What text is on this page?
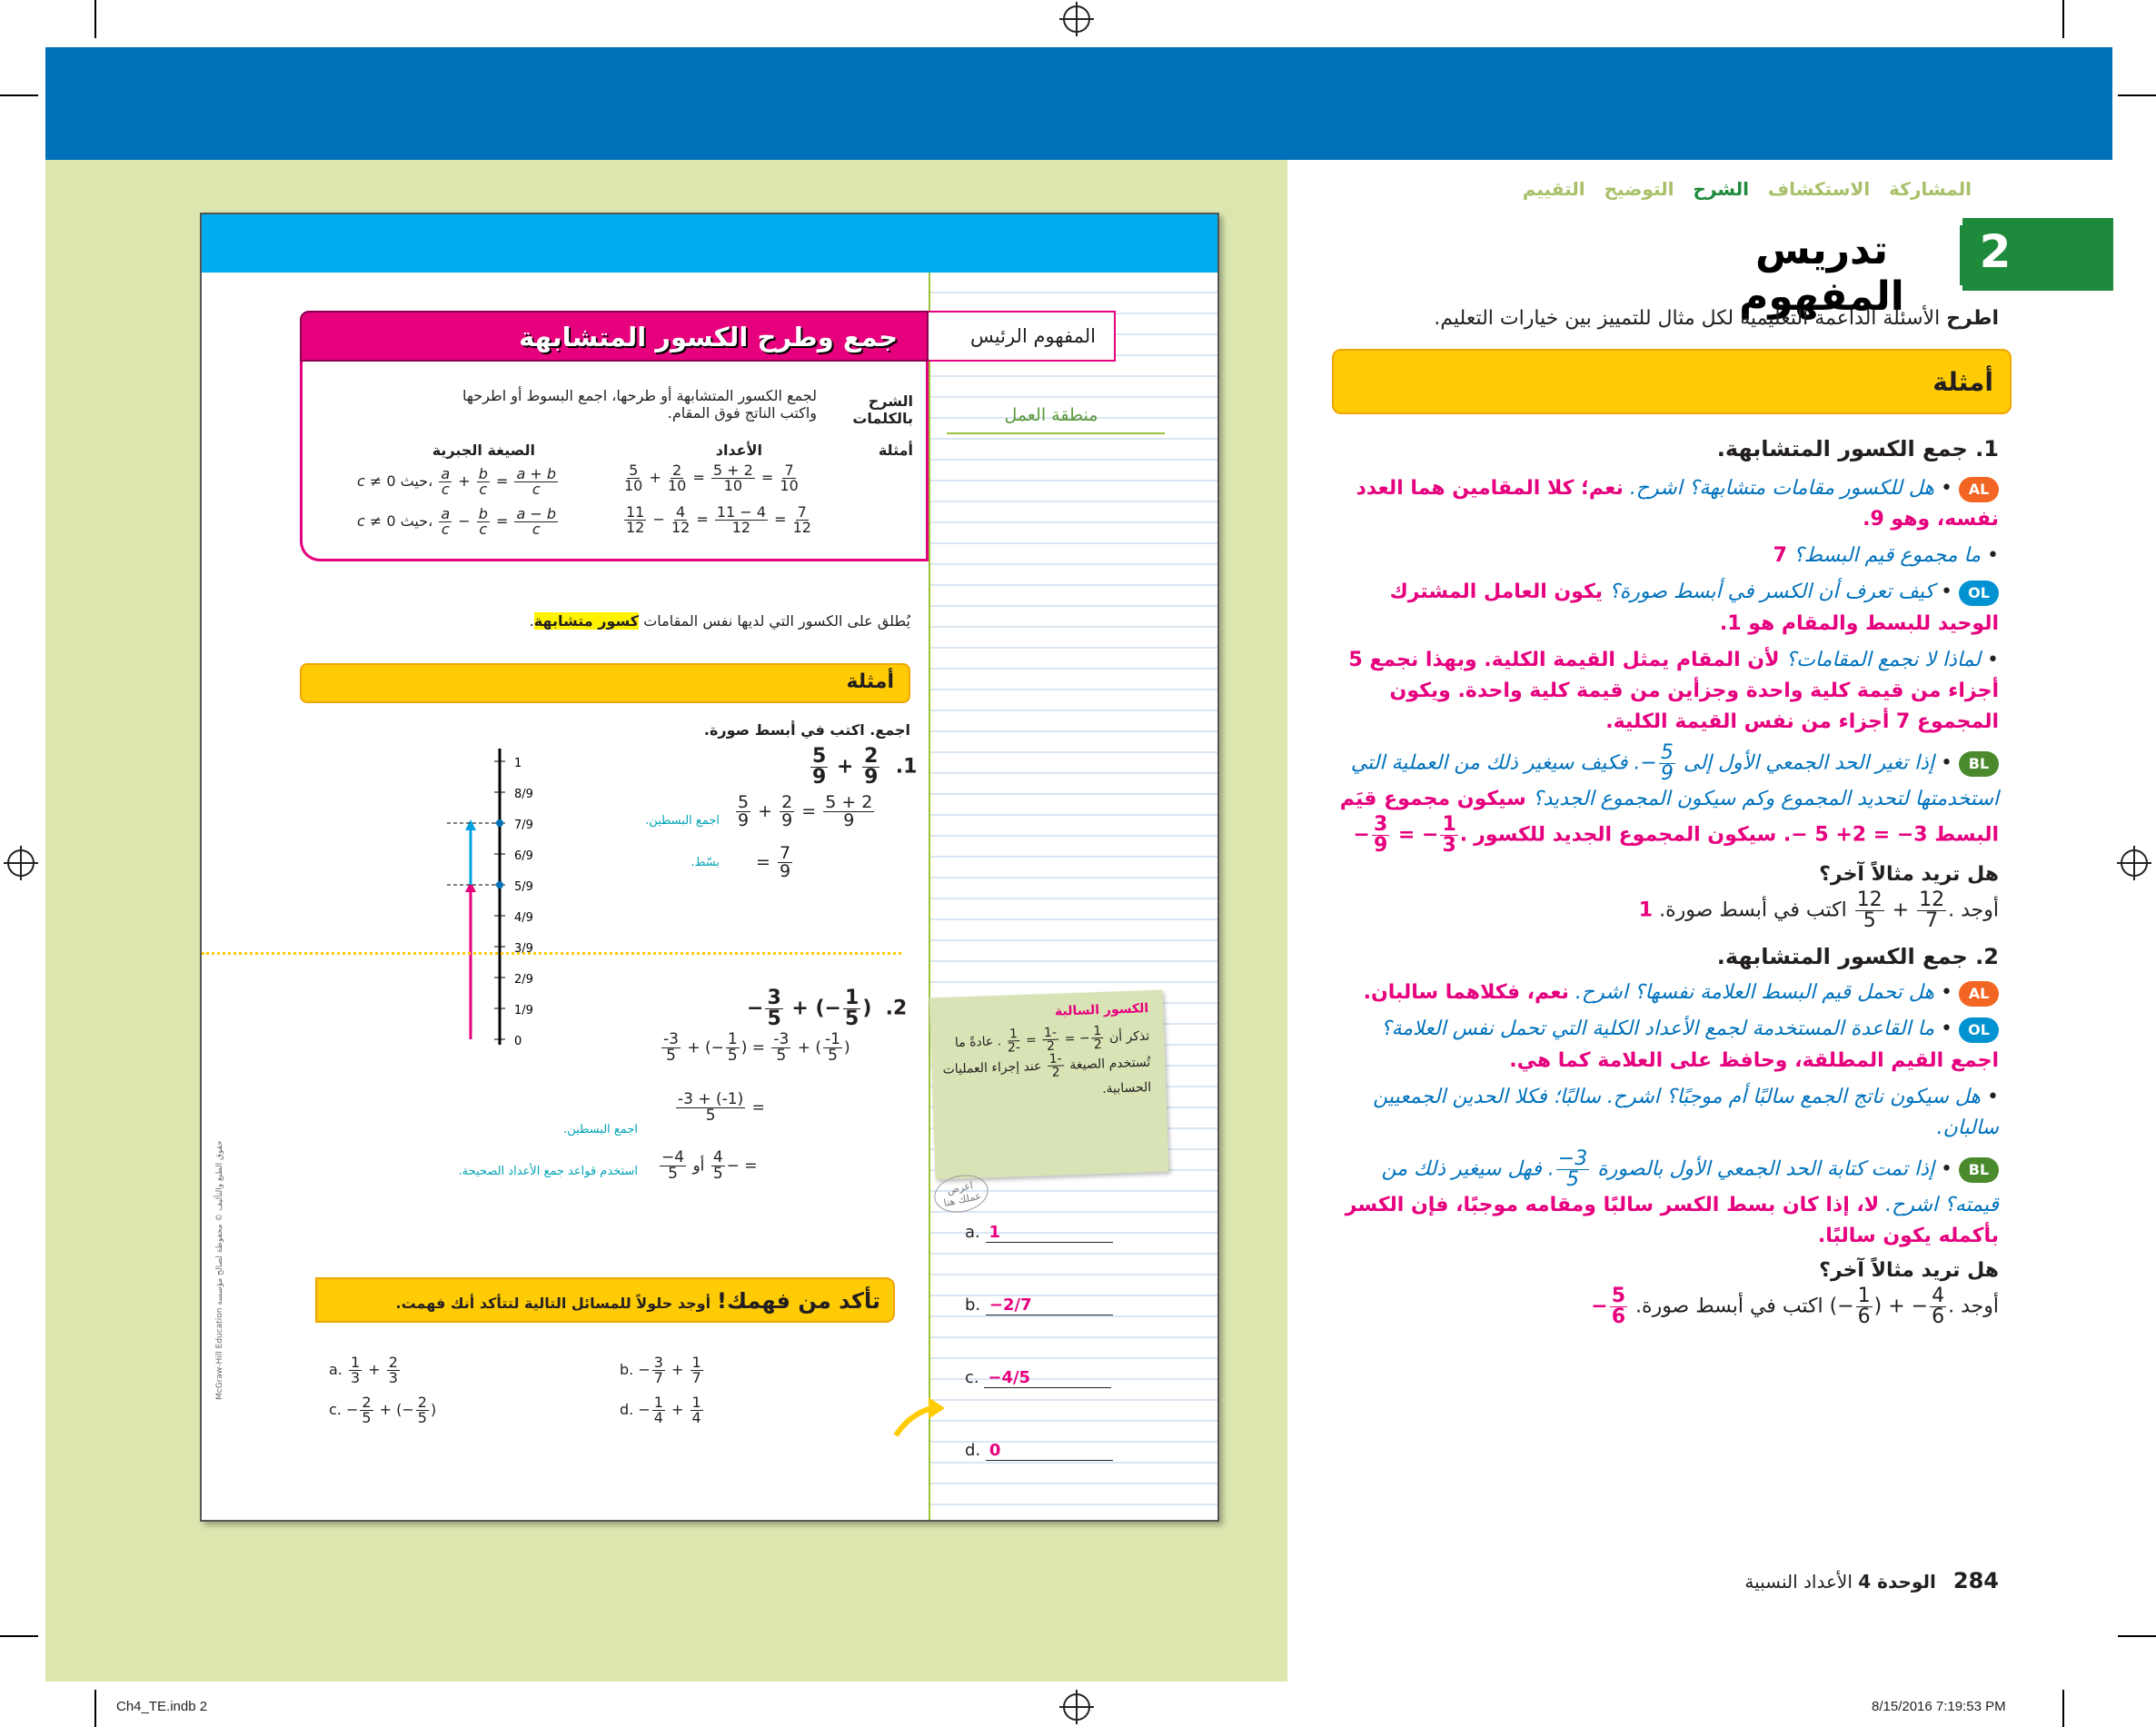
منطقة العمل
المفهوم الرئيس
جمع وطرح الكسور المتشابهة
الشرح بالكلمات
لجمع الكسور المتشابهة أو طرحها، اجمع البسوط أو اطرحها واكتب الناتج فوق المقام.
أمثلة
الأعداد
الصيغة الجبرية
$\frac{5}{10} + \frac{2}{10} = \frac{5 + 2}{10} = \frac{7}{10}$
$\frac{11}{12} - \frac{4}{12} = \frac{11 - 4}{12} = \frac{7}{12}$
c ≠ 0 حيث، $\frac{a}{c} + \frac{b}{c} = \frac{a + b}{c}$
c ≠ 0 حيث، $\frac{a}{c} - \frac{b}{c} = \frac{a - b}{c}$
يُطلق على الكسور التي لديها نفس المقامات كسور متشابهة.
أمثلة
اجمع. اكتب في أبسط صورة.
$\frac{5}{9} + \frac{2}{9} .1$
$\frac{5}{9} + \frac{2}{9} = \frac{5 + 2}{9}$
= $\frac{7}{9}$
اجمع البسطين.
بسّط.
1
8/9
7/9
6/9
5/9
4/9
3/9
2/9
1/9
0
− $\frac{3}{5}$ + (− $\frac{1}{5}$ )  .2
$\frac{-3}{5}$ + (− $\frac{1}{5}$ ) = $\frac{-3}{5}$ + ( $\frac{-1}{5}$ )
$\frac{-3 + (-1)}{5}$ =
$\frac{-4}{5}$ أو $\frac{4}{5}$ − =
اجمع البسطين.
استخدم قواعد جمع الأعداد الصحيحة.
الكسور السالبة
تذكر أن
$\frac{1}{2}$
− =
$\frac{-1}{2}$
=
$\frac{1}{-2}$
. عادةً ما تُستخدم الصيغة
$\frac{-1}{2}$
عند إجراء العمليات الحسابية.
اعرض عملك هنا
تأكد من فهمك! أوجد حلولاً للمسائل التالية لتتأكد أنك فهمت.
a. $\frac{1}{3} + \frac{2}{3}$	b. − $\frac{3}{7} + \frac{1}{7}$
c. − $\frac{2}{5}$ + (− $\frac{2}{5}$ )	d. − $\frac{1}{4} + \frac{1}{4}$
a. 1
b. −2/7
c. −4/5
d. 0
McGraw-Hill Education حقوق الطبع والتأليف © محفوظة لصالح مؤسسة
المشاركة   الاستكشاف   الشرح   التوضيح   التقييم
2
تدريس المفهوم	اطرح الأسئلة الداعمة التعليمية لكل مثال للتمييز بين خيارات التعليم.
أمثلة
1. جمع الكسور المتشابهة.
AL • هل للكسور مقامات متشابهة؟ اشرح. نعم؛ كلا المقامين هما العدد نفسه، وهو 9.
• ما مجموع قيم البسط؟ 7
OL • كيف تعرف أن الكسر في أبسط صورة؟ يكون العامل المشترك الوحيد للبسط والمقام هو 1.
• لماذا لا نجمع المقامات؟ لأن المقام يمثل القيمة الكلية. وبهذا نجمع 5 أجزاء من قيمة كلية واحدة وجزأين من قيمة كلية واحدة. ويكون المجموع 7 أجزاء من نفس القيمة الكلية.
BL • إذا تغير الحد الجمعي الأول إلى − $\frac{5}{9}$
. فكيف سيغير ذلك من العملية التي استخدمتها لتحديد المجموع وكم سيكون المجموع الجديد؟ سيكون مجموع قيَم البسط 3− = 2+ 5 −. سيكون المجموع الجديد للكسور − $\frac{3}{9}$ = − $\frac{1}{3}$ .
هل تريد مثالاً آخر؟
أوجد
$\frac{12}{5} + \frac{12}{7}$ . اكتب في أبسط صورة. 1
2. جمع الكسور المتشابهة.
AL • هل تحمل قيم البسط العلامة نفسها؟ اشرح. نعم، فكلاهما سالبان.
OL • ما القاعدة المستخدمة لجمع الأعداد الكلية التي تحمل نفس العلامة؟ اجمع القيم المطلقة، وحافظ على العلامة كما هي.
• هل سيكون ناتج الجمع سالبًا أم موجبًا؟ اشرح. سالبًا؛ فكلا الحدين الجمعيين سالبان.
BL • إذا تمت كتابة الحد الجمعي الأول بالصورة
$\frac{-3}{5}$
. فهل سيغير ذلك من قيمته؟ اشرح. لا، إذا كان بسط الكسر سالبًا ومقامه موجبًا، فإن الكسر بأكمله يكون سالبًا.
هل تريد مثالاً آخر؟
أوجد (− $\frac{1}{6}$ ) + − $\frac{4}{6}$ . اكتب في أبسط صورة. − $\frac{5}{6}$
284   الوحدة 4 الأعداد النسبية
Ch4_TE.indb 2	8/15/2016 7:19:53 PM
